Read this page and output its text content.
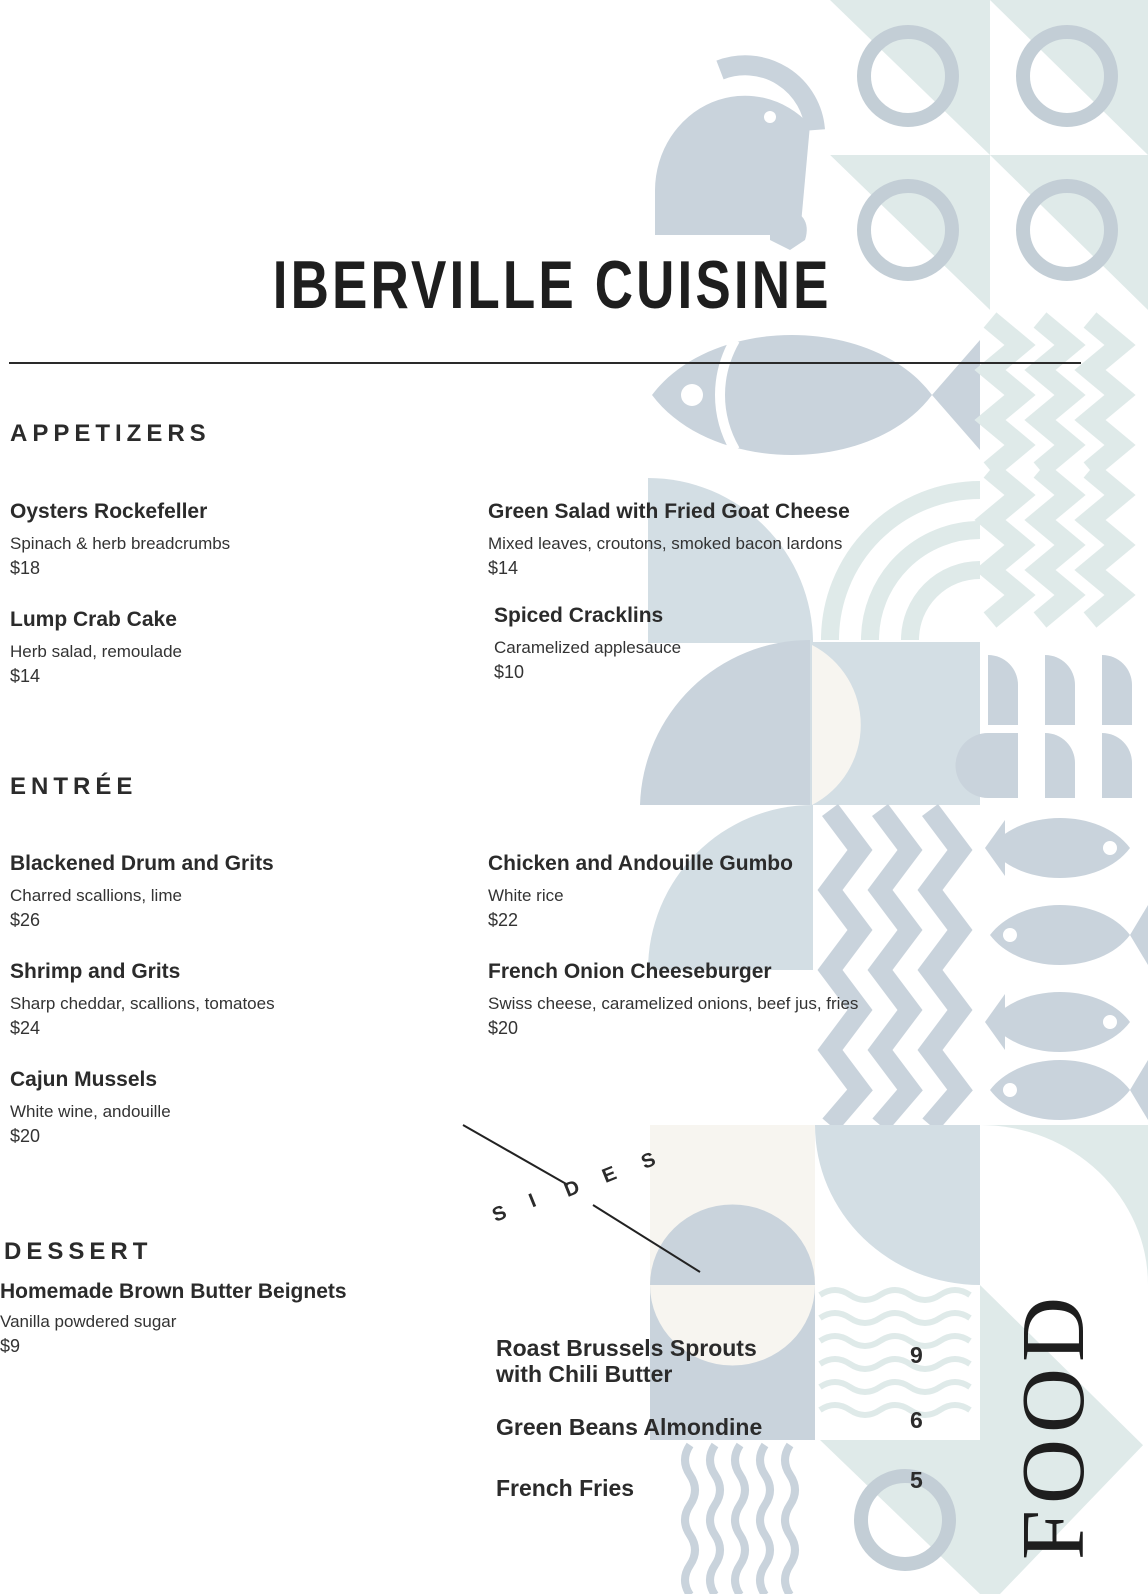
IBERVILLE CUISINE
APPETIZERS
Oysters Rockefeller
Spinach & herb breadcrumbs
$18
Green Salad with Fried Goat Cheese
Mixed leaves, croutons, smoked bacon lardons
$14
Lump Crab Cake
Herb salad, remoulade
$14
Spiced Cracklins
Caramelized applesauce
$10
ENTRÉE
Blackened Drum and Grits
Charred scallions, lime
$26
Chicken and Andouille Gumbo
White rice
$22
Shrimp and Grits
Sharp cheddar, scallions, tomatoes
$24
French Onion Cheeseburger
Swiss cheese, caramelized onions, beef jus, fries
$20
Cajun Mussels
White wine, andouille
$20
DESSERT
Homemade Brown Butter Beignets
Vanilla powdered sugar
$9
S
I D
E
S
Roast Brussels Sprouts
with Chili Butter
9
Green Beans Almondine	6
French Fries	5 FOOD
